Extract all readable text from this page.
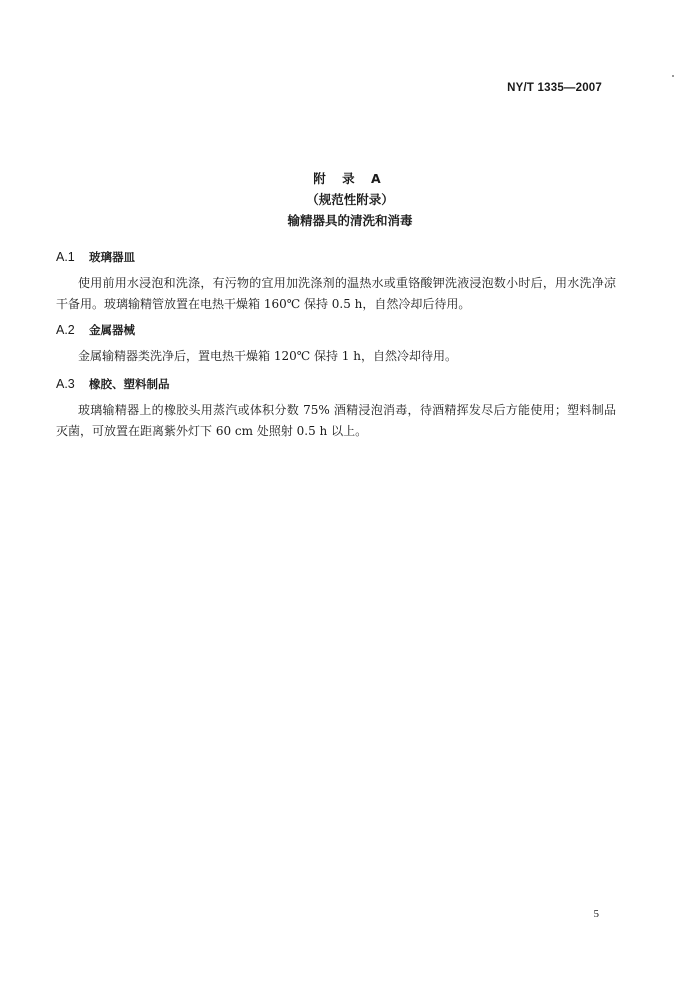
NY/T 1335—2007
附 录 A
（规范性附录）
输精器具的清洗和消毒
A.1 玻璃器皿
使用前用水浸泡和洗涤，有污物的宜用加洗涤剂的温热水或重铬酸钾洗液浸泡数小时后，用水洗净凉干备用。玻璃输精管放置在电热干燥箱 160℃ 保持 0.5 h，自然冷却后待用。
A.2 金属器械
金属输精器类洗净后，置电热干燥箱 120℃ 保持 1 h，自然冷却待用。
A.3 橡胶、塑料制品
玻璃输精器上的橡胶头用蒸汽或体积分数 75% 酒精浸泡消毒，待酒精挥发尽后方能使用；塑料制品灭菌，可放置在距离紫外灯下 60 cm 处照射 0.5 h 以上。
5
